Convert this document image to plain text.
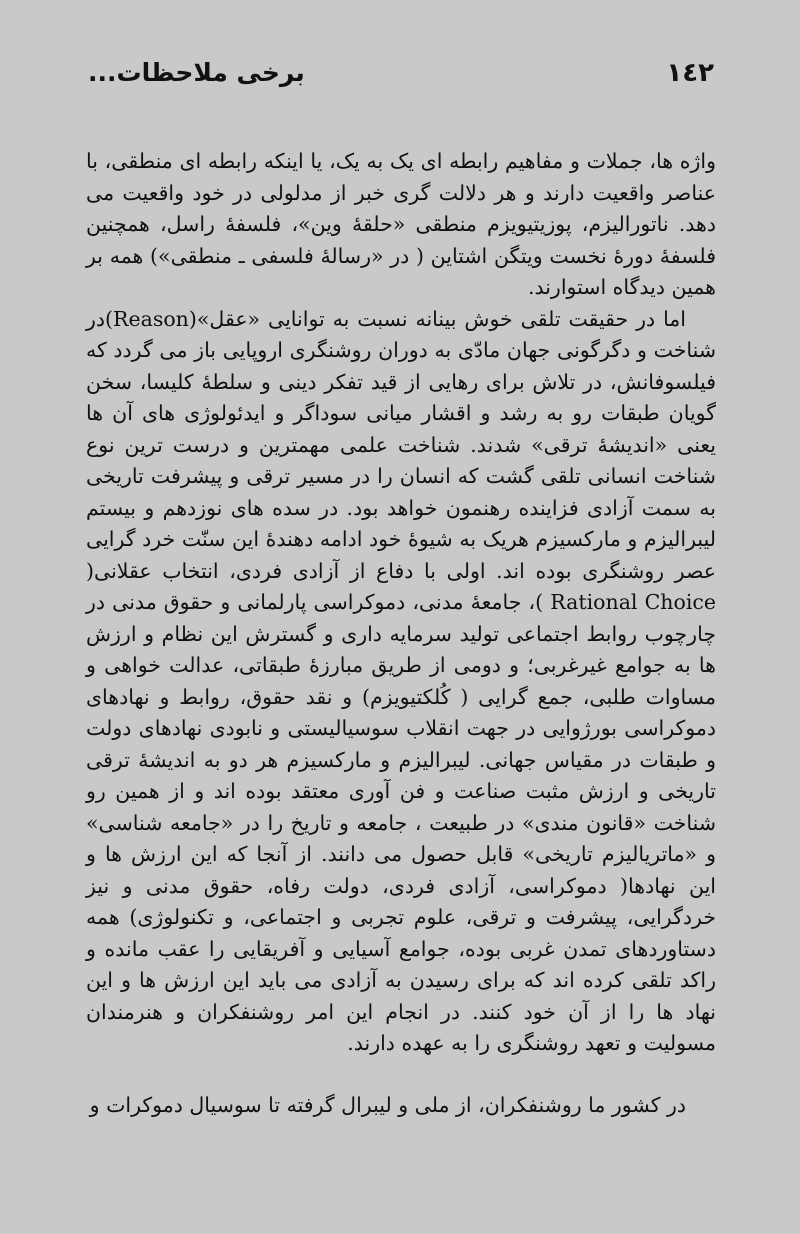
١٤٢
برخی ملاحظات...

واژه ها، جملات و مفاهیم رابطه ای یک به یک، یا اینکه رابطه ای منطقی، با عناصر واقعیت دارند و هر دلالت گری خبر از مدلولی در خود واقعیت می دهد. ناتورالیزم، پوزیتیویزم منطقی «حلقهٔ وین»، فلسفهٔ راسل، همچنین فلسفهٔ دورهٔ نخست ویتگن اشتاین ( در «رسالهٔ فلسفی ـ منطقی») همه بر همین دیدگاه استوارند.

اما در حقیقت تلقی خوش بینانه نسبت به توانایی «عقل»(Reason)در شناخت و دگرگونی جهان مادّی به دوران روشنگری اروپایی باز می گردد که فیلسوفانش، در تلاش برای رهایی از قید تفکر دینی و سلطهٔ کلیسا، سخن گویان طبقات رو به رشد و اقشار میانی سوداگر و ایدئولوژی های آن ها یعنی «اندیشهٔ ترقی» شدند. شناخت علمی مهمترین و درست ترین نوع شناخت انسانی تلقی گشت که انسان را در مسیر ترقی و پیشرفت تاریخی به سمت آزادی فزاینده رهنمون خواهد بود. در سده های نوزدهم و بیستم لیبرالیزم و مارکسیزم هریک به شیوهٔ خود ادامه دهندهٔ این سنّت خرد گرایی عصر روشنگری بوده اند. اولی با دفاع از آزادی فردی، انتخاب عقلانی( Rational Choice )، جامعهٔ مدنی، دموکراسی پارلمانی و حقوق مدنی در چارچوب روابط اجتماعی تولید سرمایه داری و گسترش این نظام و ارزش ها به جوامع غیرغربی؛ و دومی از طریق مبارزهٔ طبقاتی، عدالت خواهی و مساوات طلبی، جمع گرایی ( کُلکتیویزم) و نقد حقوق، روابط و نهادهای دموکراسی بورژوایی در جهت انقلاب سوسیالیستی و نابودی نهادهای دولت و طبقات در مقیاس جهانی. لیبرالیزم و مارکسیزم هر دو به اندیشهٔ ترقی تاریخی و ارزش مثبت صناعت و فن آوری معتقد بوده اند و از همین رو شناخت «قانون مندی» در طبیعت ، جامعه و تاریخ را در «جامعه شناسی» و «ماتریالیزم تاریخی» قابل حصول می دانند. از آنجا که این ارزش ها و این نهادها( دموکراسی، آزادی فردی، دولت رفاه، حقوق مدنی و نیز خردگرایی، پیشرفت و ترقی، علوم تجربی و اجتماعی، و تکنولوژی) همه دستاوردهای تمدن غربی بوده، جوامع آسیایی و آفریقایی را عقب مانده و راکد تلقی کرده اند که برای رسیدن به آزادی می باید این ارزش ها و این نهاد ها را از آن خود کنند. در انجام این امر روشنفکران و هنرمندان مسولیت و تعهد روشنگری را به عهده دارند.

در کشور ما روشنفکران، از ملی و لیبرال گرفته تا سوسیال دموکرات و
